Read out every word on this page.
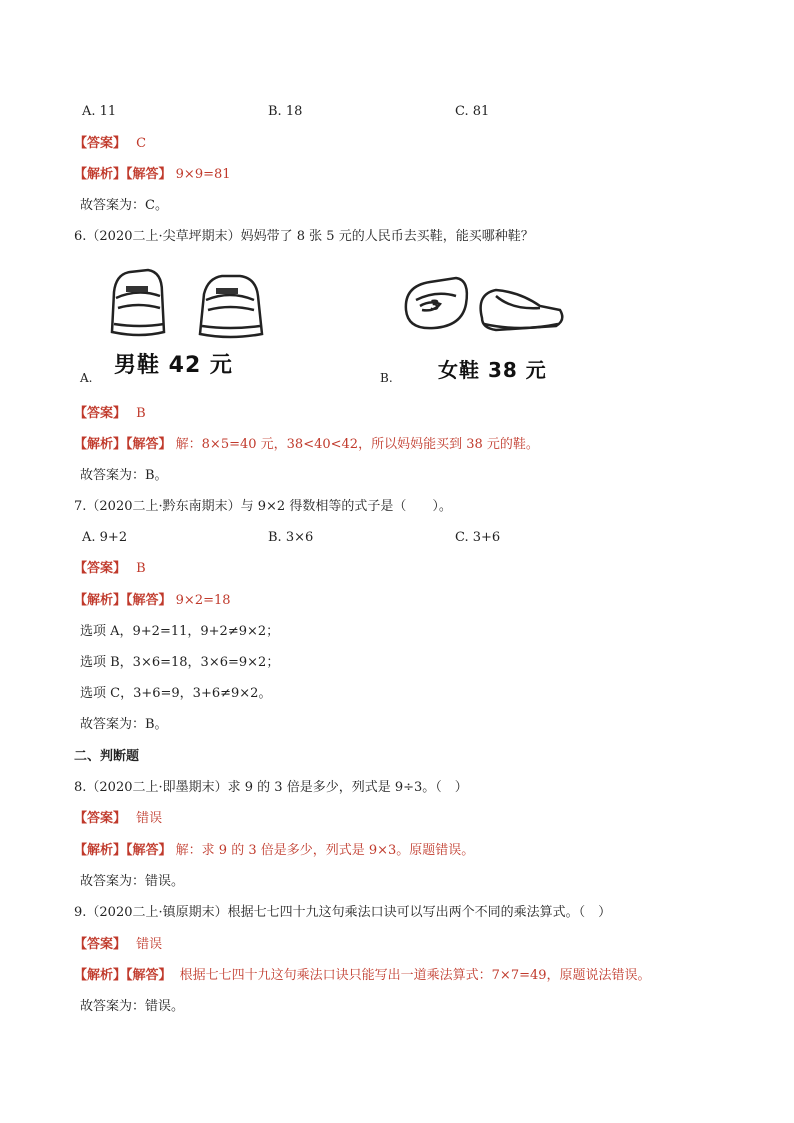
A. 11	B. 18	C. 81
【答案】 C
【解析】【解答】 9×9=81
故答案为：C。
6.（2020二上·尖草坪期末）妈妈带了 8 张 5 元的人民币去买鞋，能买哪种鞋？
男鞋 42 元
A.
3
女鞋 38 元
B.
【答案】 B
【解析】【解答】 解：8×5=40 元，38<40<42，所以妈妈能买到 38 元的鞋。
故答案为：B。
7.（2020二上·黔东南期末）与 9×2 得数相等的式子是（　　）。
A. 9+2	B. 3×6	C. 3+6
【答案】 B
【解析】【解答】 9×2=18
选项 A，9+2=11，9+2≠9×2；
选项 B，3×6=18，3×6=9×2；
选项 C，3+6=9，3+6≠9×2。
故答案为：B。
二、判断题
8.（2020二上·即墨期末）求 9 的 3 倍是多少，列式是 9÷3。（　）
【答案】 错误
【解析】【解答】 解：求 9 的 3 倍是多少，列式是 9×3。原题错误。
故答案为：错误。
9.（2020二上·镇原期末）根据七七四十九这句乘法口诀可以写出两个不同的乘法算式。（　）
【答案】 错误
【解析】【解答】 根据七七四十九这句乘法口诀只能写出一道乘法算式：7×7=49，原题说法错误。
故答案为：错误。
